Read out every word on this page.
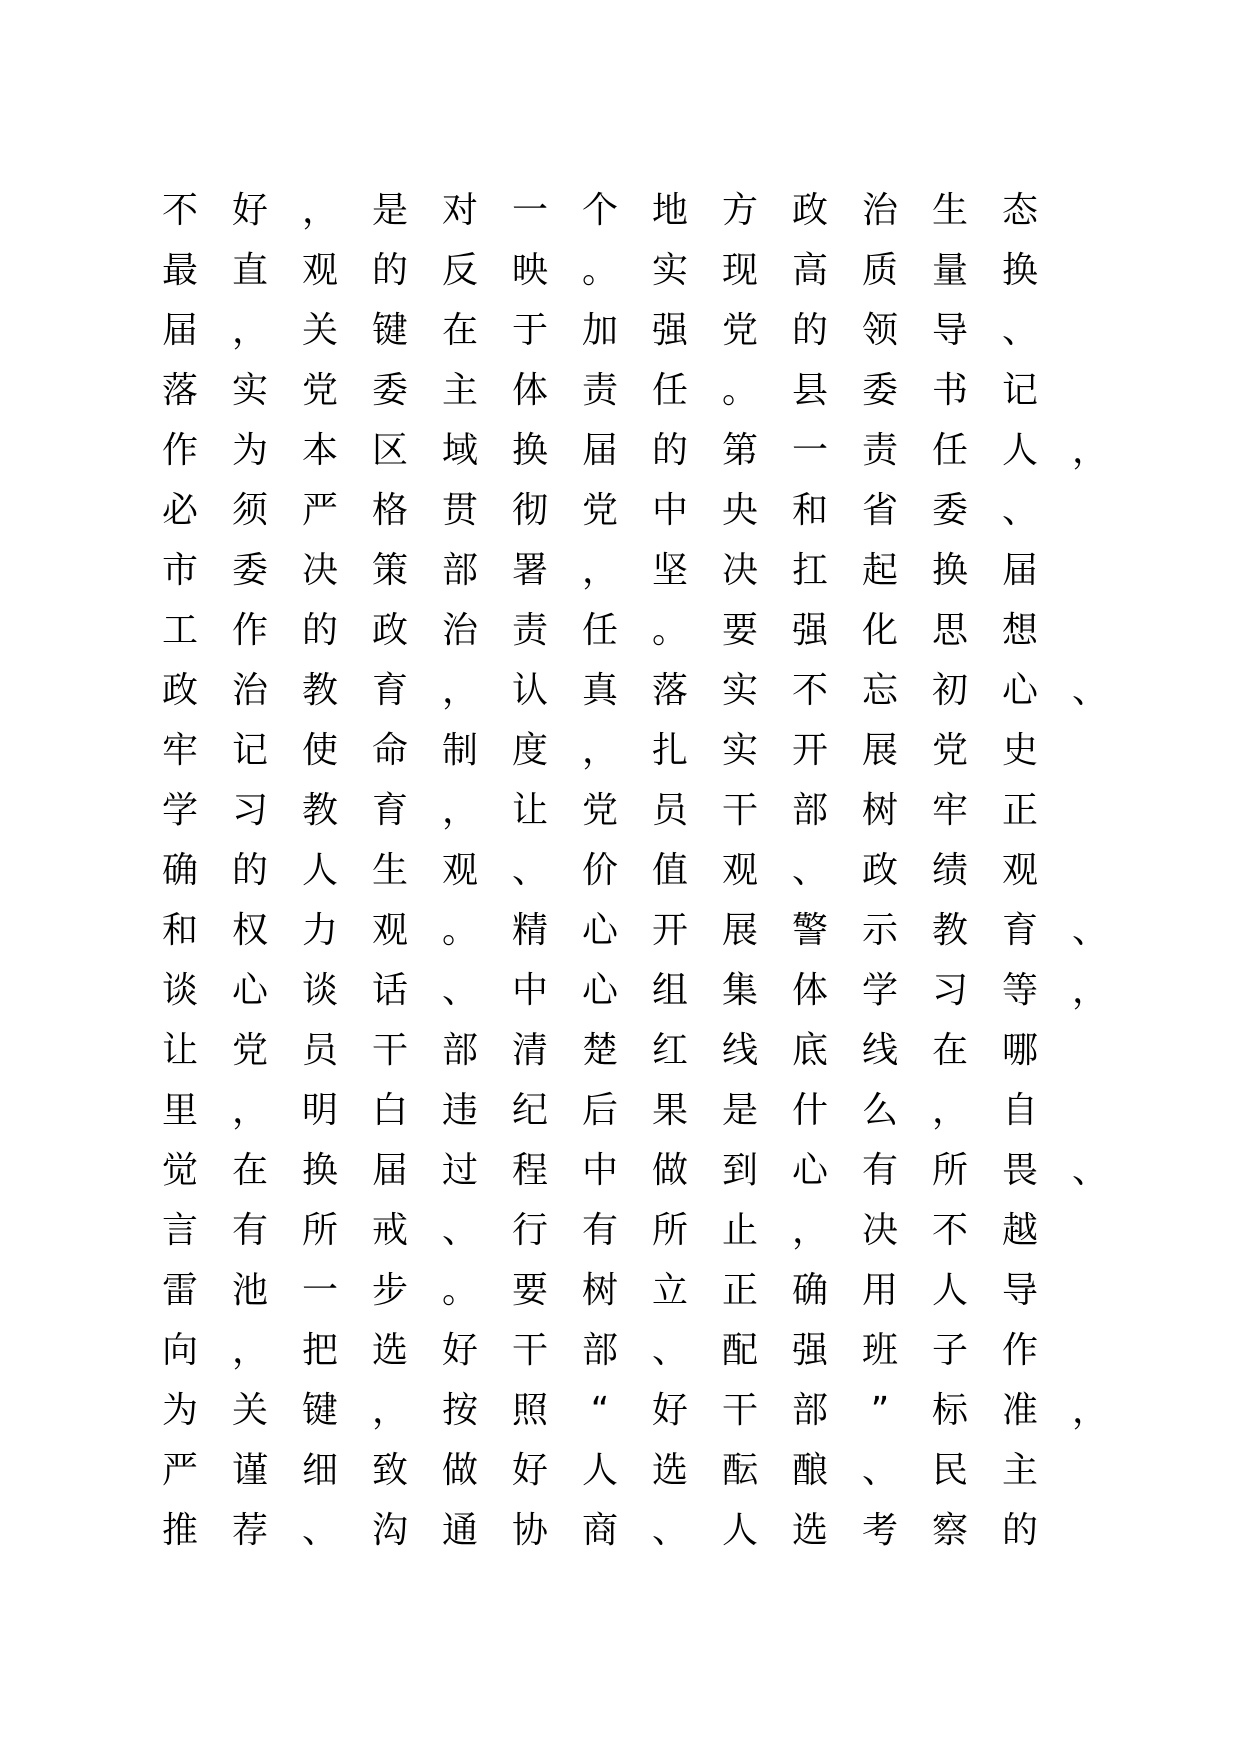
不 好 ， 是 对 一 个 地 方 政 治 生 态
最 直 观 的 反 映 。 实 现 高 质 量 换
届 ， 关 键 在 于 加 强 党 的 领 导 、
落 实 党 委 主 体 责 任 。 县 委 书 记
作 为 本 区 域 换 届 的 第 一 责 任 人 ，
必 须 严 格 贯 彻 党 中 央 和 省 委 、
市 委 决 策 部 署 ， 坚 决 扛 起 换 届
工 作 的 政 治 责 任 。 要 强 化 思 想
政 治 教 育 ， 认 真 落 实 不 忘 初 心 、
牢 记 使 命 制 度 ， 扎 实 开 展 党 史
学 习 教 育 ， 让 党 员 干 部 树 牢 正
确 的 人 生 观 、 价 值 观 、 政 绩 观
和 权 力 观 。 精 心 开 展 警 示 教 育 、
谈 心 谈 话 、 中 心 组 集 体 学 习 等 ，
让 党 员 干 部 清 楚 红 线 底 线 在 哪
里 ， 明 白 违 纪 后 果 是 什 么 ， 自
觉 在 换 届 过 程 中 做 到 心 有 所 畏 、
言 有 所 戒 、 行 有 所 止 ， 决 不 越
雷 池 一 步 。 要 树 立 正 确 用 人 导
向 ， 把 选 好 干 部 、 配 强 班 子 作
为 关 键 ， 按 照	“	好 干 部	”	标 准 ，
严 谨 细 致 做 好 人 选 酝 酿 、 民 主
推 荐 、 沟 通 协 商 、 人 选 考 察 的
